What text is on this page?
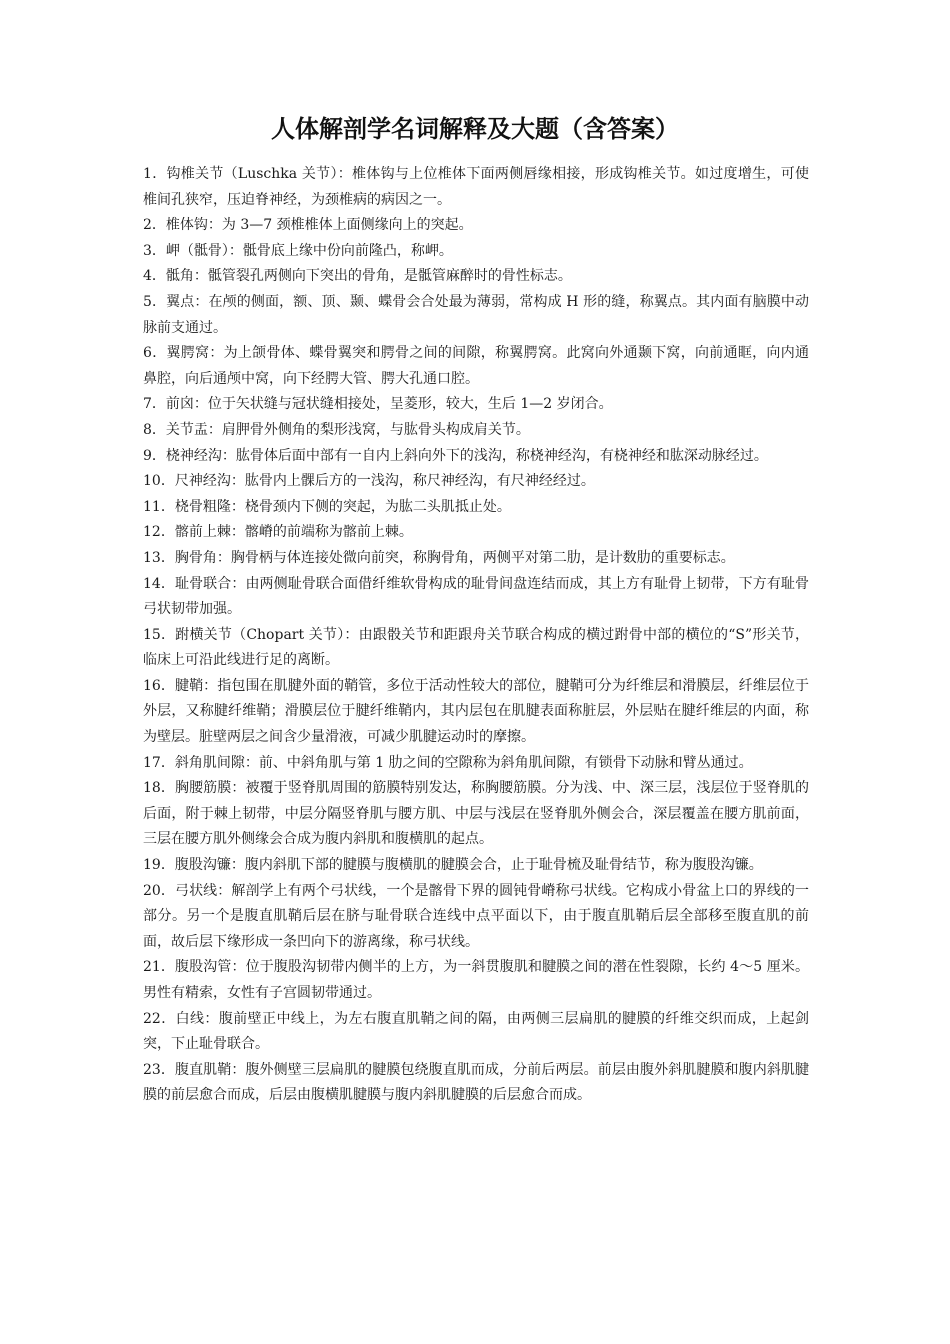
人体解剖学名词解释及大题（含答案）

1．钩椎关节（Luschka 关节）：椎体钩与上位椎体下面两侧唇缘相接，形成钩椎关节。如过度增生，可使椎间孔狭窄，压迫脊神经，为颈椎病的病因之一。

2．椎体钩：为 3—7 颈椎椎体上面侧缘向上的突起。

3．岬（骶骨）：骶骨底上缘中份向前隆凸，称岬。

4．骶角：骶管裂孔两侧向下突出的骨角，是骶管麻醉时的骨性标志。

5．翼点：在颅的侧面，额、顶、颞、蝶骨会合处最为薄弱，常构成 H 形的缝，称翼点。其内面有脑膜中动脉前支通过。

6．翼腭窝：为上颌骨体、蝶骨翼突和腭骨之间的间隙，称翼腭窝。此窝向外通颞下窝，向前通眶，向内通鼻腔，向后通颅中窝，向下经腭大管、腭大孔通口腔。

7．前囟：位于矢状缝与冠状缝相接处，呈菱形，较大，生后 1—2 岁闭合。

8．关节盂：肩胛骨外侧角的梨形浅窝，与肱骨头构成肩关节。

9．桡神经沟：肱骨体后面中部有一自内上斜向外下的浅沟，称桡神经沟，有桡神经和肱深动脉经过。

10．尺神经沟：肱骨内上髁后方的一浅沟，称尺神经沟，有尺神经经过。

11．桡骨粗隆：桡骨颈内下侧的突起，为肱二头肌抵止处。

12．髂前上棘：髂嵴的前端称为髂前上棘。

13．胸骨角：胸骨柄与体连接处微向前突，称胸骨角，两侧平对第二肋，是计数肋的重要标志。

14．耻骨联合：由两侧耻骨联合面借纤维软骨构成的耻骨间盘连结而成，其上方有耻骨上韧带，下方有耻骨弓状韧带加强。

15．跗横关节（Chopart 关节）：由跟骰关节和距跟舟关节联合构成的横过跗骨中部的横位的“S”形关节，临床上可沿此线进行足的离断。

16．腱鞘：指包围在肌腱外面的鞘管，多位于活动性较大的部位，腱鞘可分为纤维层和滑膜层，纤维层位于外层，又称腱纤维鞘；滑膜层位于腱纤维鞘内，其内层包在肌腱表面称脏层，外层贴在腱纤维层的内面，称为壁层。脏壁两层之间含少量滑液，可减少肌腱运动时的摩擦。

17．斜角肌间隙：前、中斜角肌与第 1 肋之间的空隙称为斜角肌间隙，有锁骨下动脉和臂丛通过。

18．胸腰筋膜：被覆于竖脊肌周围的筋膜特别发达，称胸腰筋膜。分为浅、中、深三层，浅层位于竖脊肌的后面，附于棘上韧带，中层分隔竖脊肌与腰方肌、中层与浅层在竖脊肌外侧会合，深层覆盖在腰方肌前面，三层在腰方肌外侧缘会合成为腹内斜肌和腹横肌的起点。

19．腹股沟镰：腹内斜肌下部的腱膜与腹横肌的腱膜会合，止于耻骨梳及耻骨结节，称为腹股沟镰。

20．弓状线：解剖学上有两个弓状线，一个是髂骨下界的圆钝骨嵴称弓状线。它构成小骨盆上口的界线的一部分。另一个是腹直肌鞘后层在脐与耻骨联合连线中点平面以下，由于腹直肌鞘后层全部移至腹直肌的前面，故后层下缘形成一条凹向下的游离缘，称弓状线。

21．腹股沟管：位于腹股沟韧带内侧半的上方，为一斜贯腹肌和腱膜之间的潜在性裂隙，长约 4～5 厘米。男性有精索，女性有子宫圆韧带通过。

22．白线：腹前壁正中线上，为左右腹直肌鞘之间的隔，由两侧三层扁肌的腱膜的纤维交织而成，上起剑突，下止耻骨联合。

23．腹直肌鞘：腹外侧壁三层扁肌的腱膜包绕腹直肌而成，分前后两层。前层由腹外斜肌腱膜和腹内斜肌腱膜的前层愈合而成，后层由腹横肌腱膜与腹内斜肌腱膜的后层愈合而成。
